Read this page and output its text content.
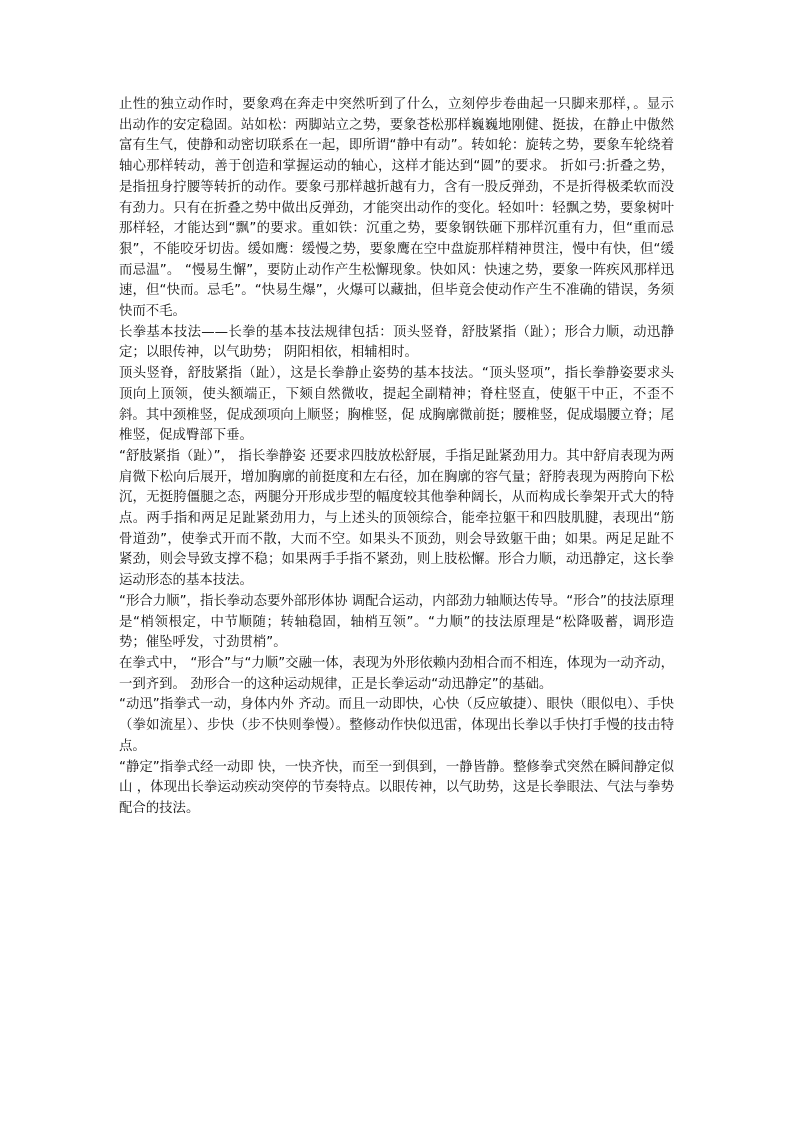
止性的独立动作时，要象鸡在奔走中突然听到了什么，立刻停步卷曲起一只脚来那样，。显示出动作的安定稳固。站如松：两脚站立之势，要象苍松那样巍巍地刚健、挺拔，在静止中傲然富有生气，使静和动密切联系在一起，即所谓“静中有动”。转如轮：旋转之势，要象车轮绕着轴心那样转动，善于创造和掌握运动的轴心，这样才能达到“圆”的要求。 折如弓:折叠之势，是指扭身拧腰等转折的动作。要象弓那样越折越有力，含有一股反弹劲，不是折得极柔软而没有劲力。只有在折叠之势中做出反弹劲，才能突出动作的变化。轻如叶：轻飘之势，要象树叶那样轻，才能达到“飘”的要求。重如铁：沉重之势，要象钢铁砸下那样沉重有力，但“重而忌狠”，不能咬牙切齿。缓如鹰：缓慢之势，要象鹰在空中盘旋那样精神贯注，慢中有快，但“缓而忌温”。 “慢易生懈”，要防止动作产生松懈现象。快如风：快速之势，要象一阵疾风那样迅速，但“快而。忌毛”。“快易生爆”，火爆可以藏拙，但毕竟会使动作产生不准确的错误，务须快而不毛。

长拳基本技法——长拳的基本技法规律包括：顶头竖脊，舒肢紧指（趾）；形合力顺，动迅静定；以眼传神，以气助势； 阴阳相依，相辅相时。

顶头竖脊，舒肢紧指（趾），这是长拳静止姿势的基本技法。“顶头竖项”，指长拳静姿要求头顶向上顶领，使头额端正，下颏自然微收，提起全副精神；脊柱竖直，使躯干中正，不歪不斜。其中颈椎竖，促成颈项向上顺竖；胸椎竖，促 成胸廓微前挺；腰椎竖，促成塌腰立脊；尾椎竖，促成臀部下垂。

“舒肢紧指（趾）”， 指长拳静姿 还要求四肢放松舒展，手指足趾紧劲用力。其中舒肩表现为两肩微下松向后展开，增加胸廓的前挺度和左右径，加在胸廓的容气量；舒胯表现为两胯向下松沉，无挺胯僵腿之态，两腿分开形成步型的幅度较其他拳种阔长，从而构成长拳架开式大的特点。两手指和两足足趾紧劲用力，与上述头的顶领综合，能牵拉躯干和四肢肌腱，表现出“筋骨道劲”，使拳式开而不散，大而不空。如果头不顶劲，则会导致躯干曲；如果。两足足趾不紧劲，则会导致支撑不稳；如果两手手指不紧劲，则上肢松懈。形合力顺，动迅静定，这长拳运动形态的基本技法。

“形合力顺”，指长拳动态要外部形体协 调配合运动，内部劲力轴顺达传导。“形合”的技法原理是“梢领根定，中节顺随；转轴稳固，轴梢互领”。“力顺”的技法原理是“松降吸蓄，调形造势；催坠呼发，寸劲贯梢”。

在拳式中， “形合”与“力顺”交融一体，表现为外形依赖内劲相合而不相连，体现为一动齐动，一到齐到。 劲形合一的这种运动规律，正是长拳运动“动迅静定”的基础。

“动迅”指拳式一动，身体内外 齐动。而且一动即快，心快（反应敏捷）、眼快（眼似电）、手快（拳如流星）、步快（步不快则拳慢）。整修动作快似迅雷，体现出长拳以手快打手慢的技击特点。

“静定”指拳式经一动即 快，一快齐快，而至一到俱到，一静皆静。整修拳式突然在瞬间静定似山 ，体现出长拳运动疾动突停的节奏特点。以眼传神，以气助势，这是长拳眼法、气法与拳势配合的技法。
